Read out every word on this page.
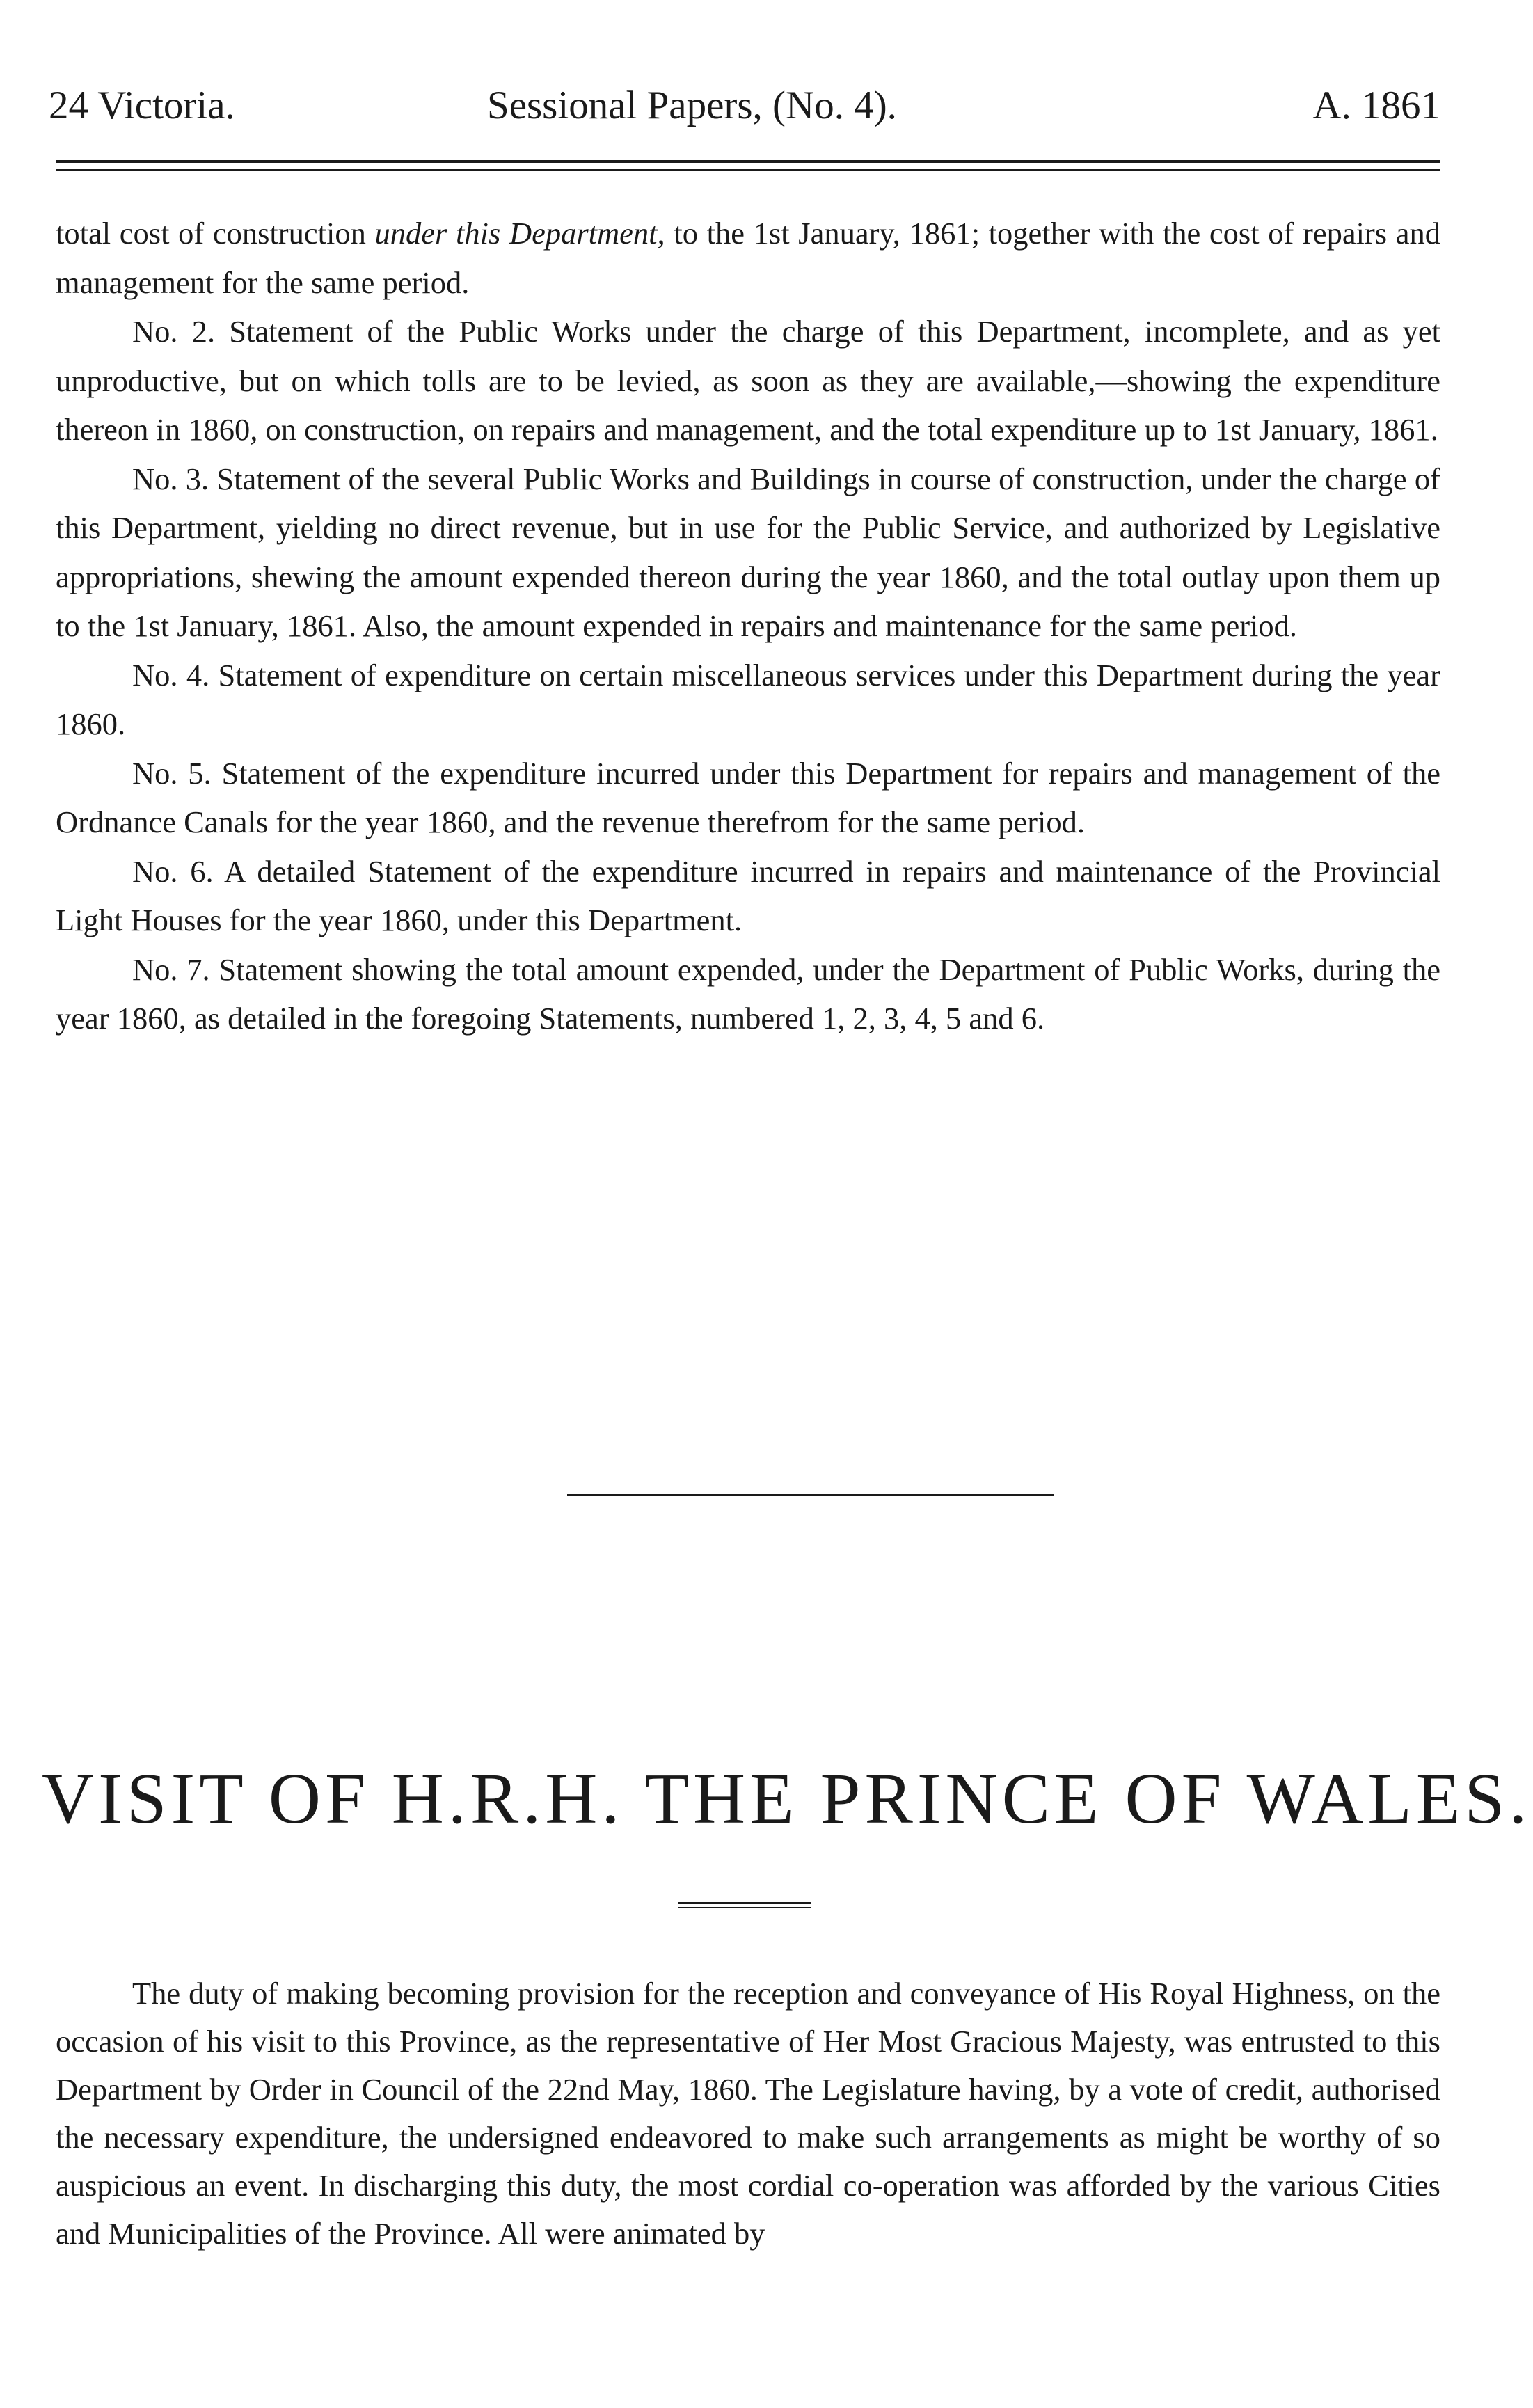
24 Victoria.	Sessional Papers, (No. 4).	A. 1861

total cost of construction under this Department, to the 1st January, 1861; together with the cost of repairs and management for the same period.

No. 2. Statement of the Public Works under the charge of this Department, incomplete, and as yet unproductive, but on which tolls are to be levied, as soon as they are available,—showing the expenditure thereon in 1860, on construction, on repairs and management, and the total expenditure up to 1st January, 1861.

No. 3. Statement of the several Public Works and Buildings in course of construction, under the charge of this Department, yielding no direct revenue, but in use for the Public Service, and authorized by Legislative appropriations, shewing the amount expended thereon during the year 1860, and the total outlay upon them up to the 1st January, 1861. Also, the amount expended in repairs and maintenance for the same period.

No. 4. Statement of expenditure on certain miscellaneous services under this Department during the year 1860.

No. 5. Statement of the expenditure incurred under this Department for repairs and management of the Ordnance Canals for the year 1860, and the revenue therefrom for the same period.

No. 6. A detailed Statement of the expenditure incurred in repairs and maintenance of the Provincial Light Houses for the year 1860, under this Department.

No. 7. Statement showing the total amount expended, under the Department of Public Works, during the year 1860, as detailed in the foregoing Statements, numbered 1, 2, 3, 4, 5 and 6.

VISIT OF H.R.H. THE PRINCE OF WALES.

The duty of making becoming provision for the reception and conveyance of His Royal Highness, on the occasion of his visit to this Province, as the representative of Her Most Gracious Majesty, was entrusted to this Department by Order in Council of the 22nd May, 1860. The Legislature having, by a vote of credit, authorised the necessary expenditure, the undersigned endeavored to make such arrangements as might be worthy of so auspicious an event. In discharging this duty, the most cordial co-operation was afforded by the various Cities and Municipalities of the Province. All were animated by
